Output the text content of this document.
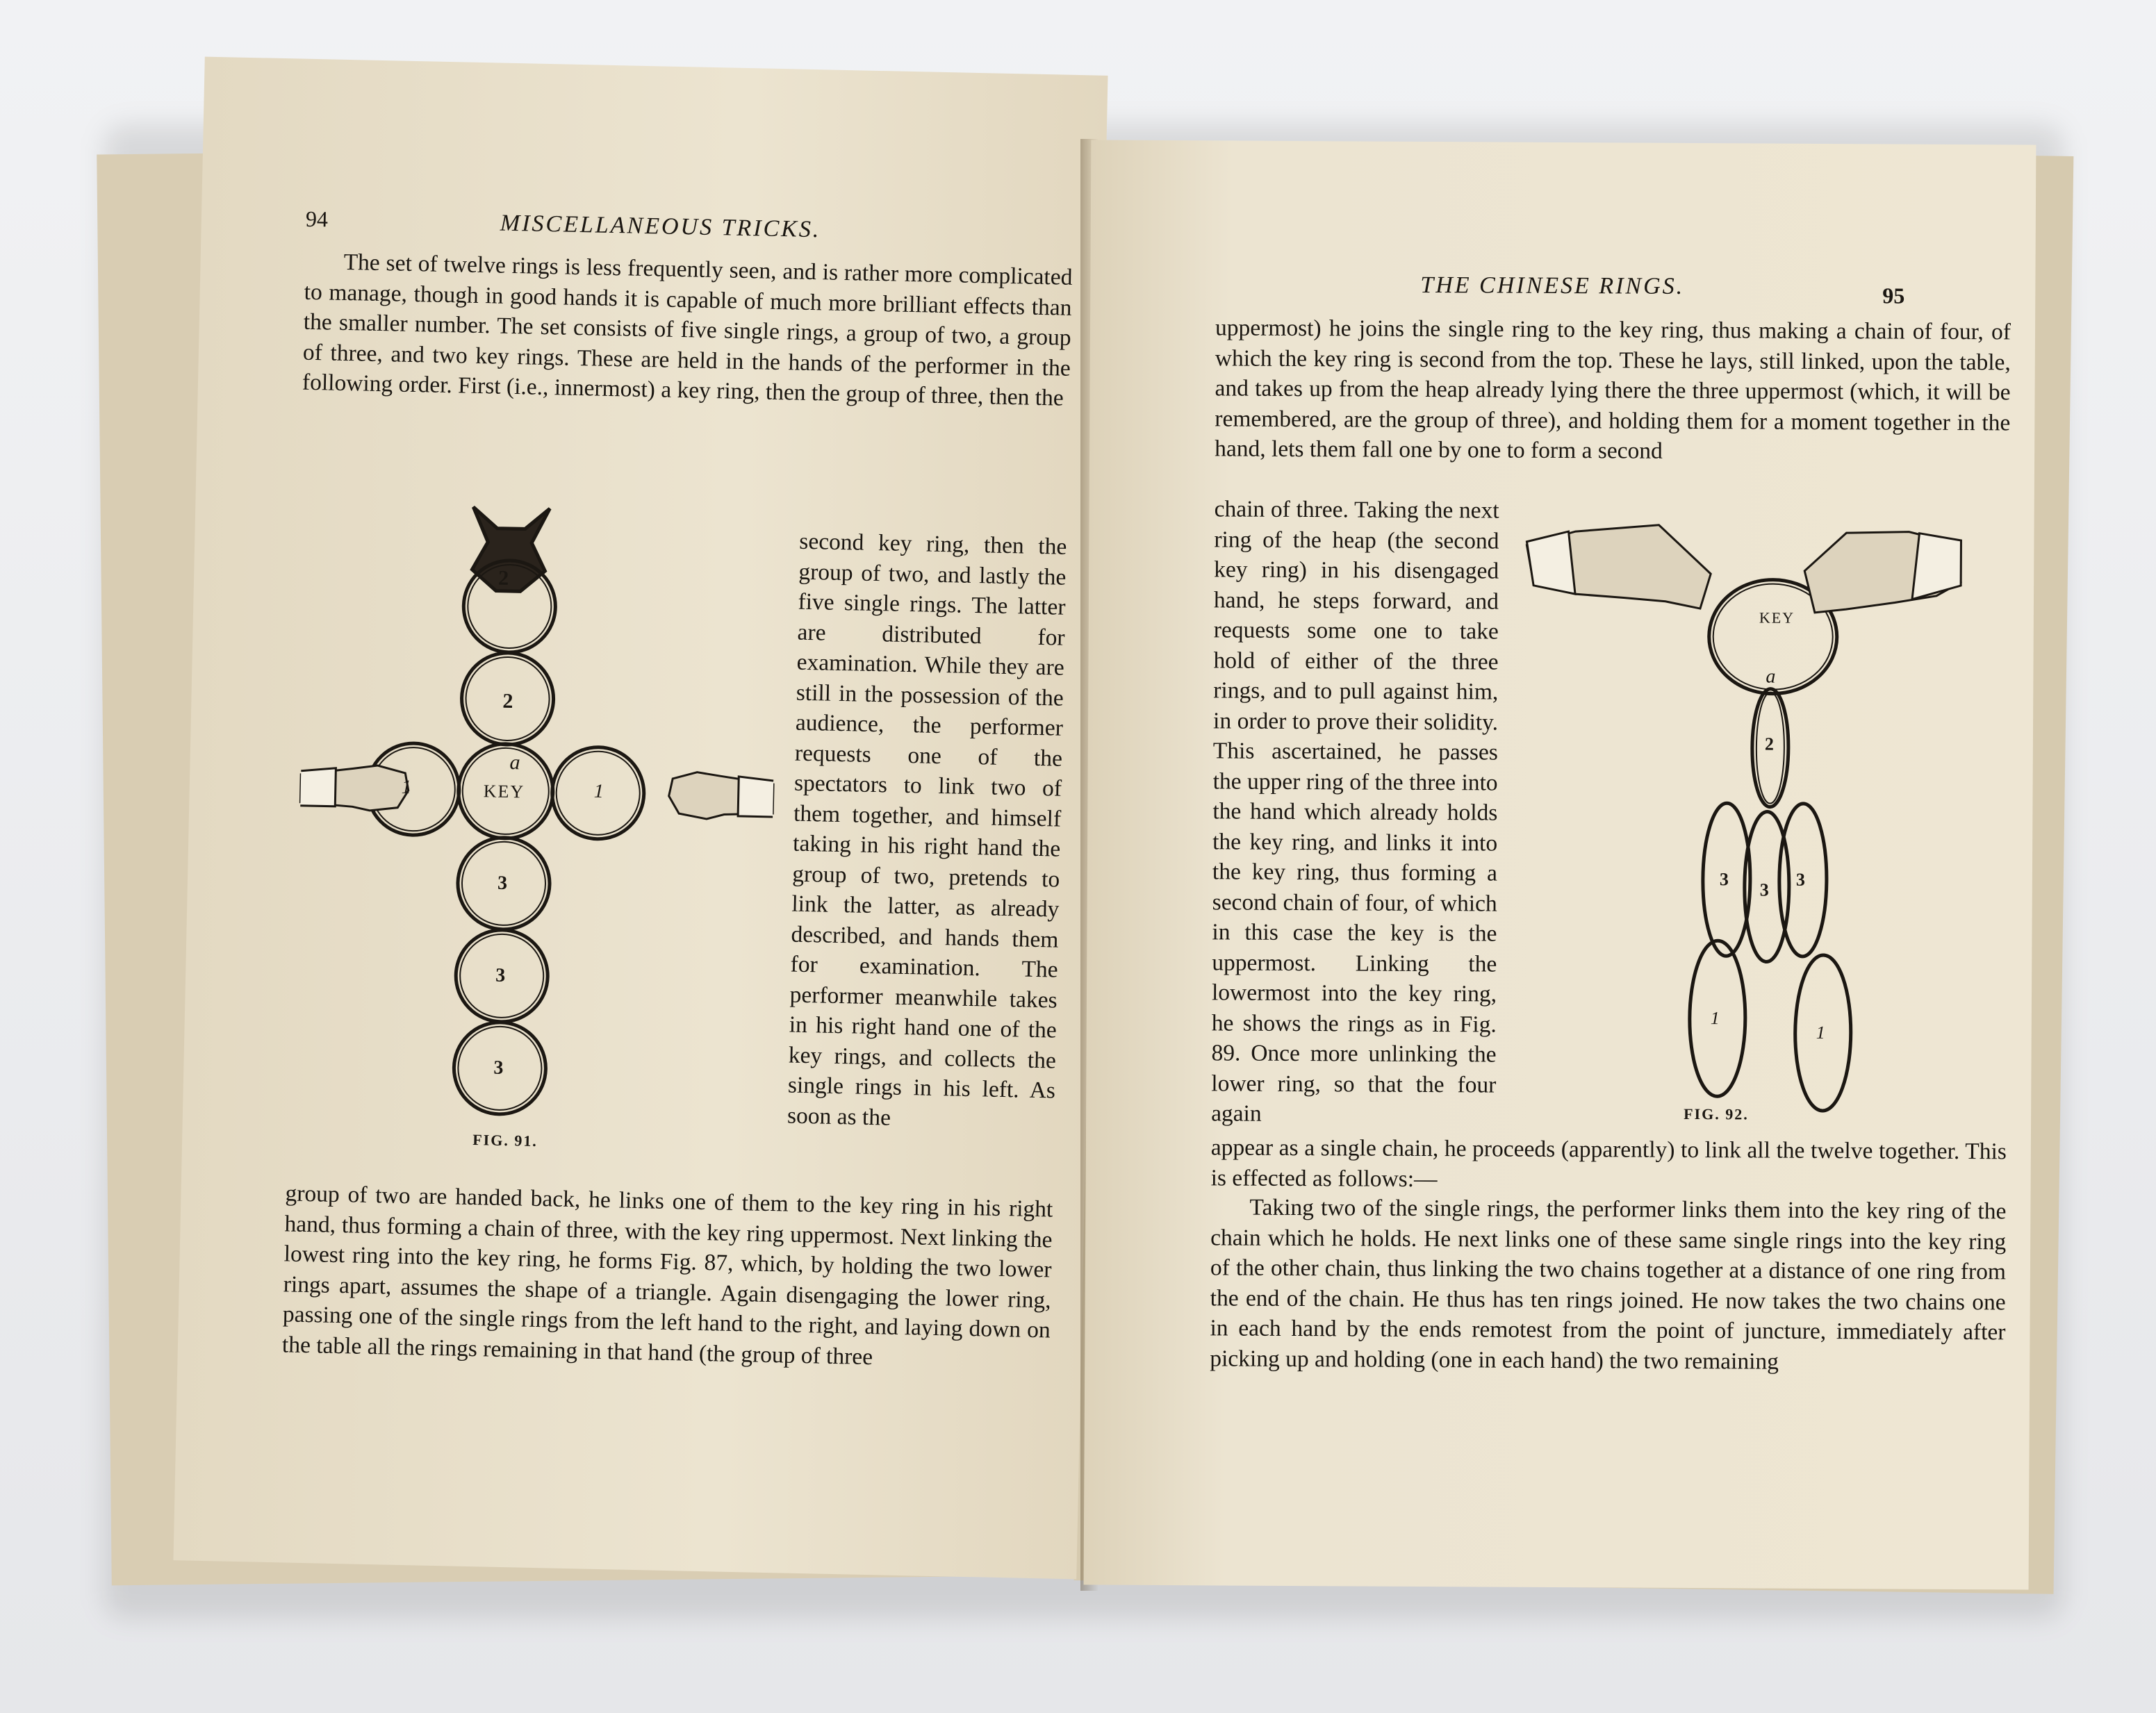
94	MISCELLANEOUS TRICKS.
The set of twelve rings is less frequently seen, and is rather more complicated to manage, though in good hands it is capable of much more brilliant effects than the smaller number. The set consists of five single rings, a group of two, a group of three, and two key rings. These are held in the hands of the performer in the following order. First (i.e., innermost) a key ring, then the group of three, then the
second key ring, then the group of two, and lastly the five single rings. The latter are distributed for examination. While they are still in the possession of the audience, the performer requests one of the spectators to link two of them together, and himself taking in his right hand the group of two, pretends to link the latter, as already described, and hands them for examination. The performer meanwhile takes in his right hand one of the key rings, and collects the single rings in his left. As soon as the
2
2
a
KEY
1	1
3
3
3
FIG. 91.
group of two are handed back, he links one of them to the key ring in his right hand, thus forming a chain of three, with the key ring uppermost. Next linking the lowest ring into the key ring, he forms Fig. 87, which, by holding the two lower rings apart, assumes the shape of a triangle. Again disengaging the lower ring, passing one of the single rings from the left hand to the right, and laying down on the table all the rings remaining in that hand (the group of three
THE CHINESE RINGS.	95
uppermost) he joins the single ring to the key ring, thus making a chain of four, of which the key ring is second from the top. These he lays, still linked, upon the table, and takes up from the heap already lying there the three uppermost (which, it will be remembered, are the group of three), and holding them for a moment together in the hand, lets them fall one by one to form a second
chain of three. Taking the next ring of the heap (the second key ring) in his disengaged hand, he steps forward, and requests some one to take hold of either of the three rings, and to pull against him, in order to prove their solidity. This ascertained, he passes the upper ring of the three into the hand which already holds the key ring, and links it into the key ring, thus forming a second chain of four, of which in this case the key is the uppermost. Linking the lowermost into the key ring, he shows the rings as in Fig. 89. Once more unlinking the lower ring, so that the four again
KEY
a
2
3
3
3
1
1
FIG. 92.
appear as a single chain, he proceeds (apparently) to link all the twelve together. This is effected as follows:—
Taking two of the single rings, the performer links them into the key ring of the chain which he holds. He next links one of these same single rings into the key ring of the other chain, thus linking the two chains together at a distance of one ring from the end of the chain. He thus has ten rings joined. He now takes the two chains one in each hand by the ends remotest from the point of juncture, immediately after picking up and holding (one in each hand) the two remaining
